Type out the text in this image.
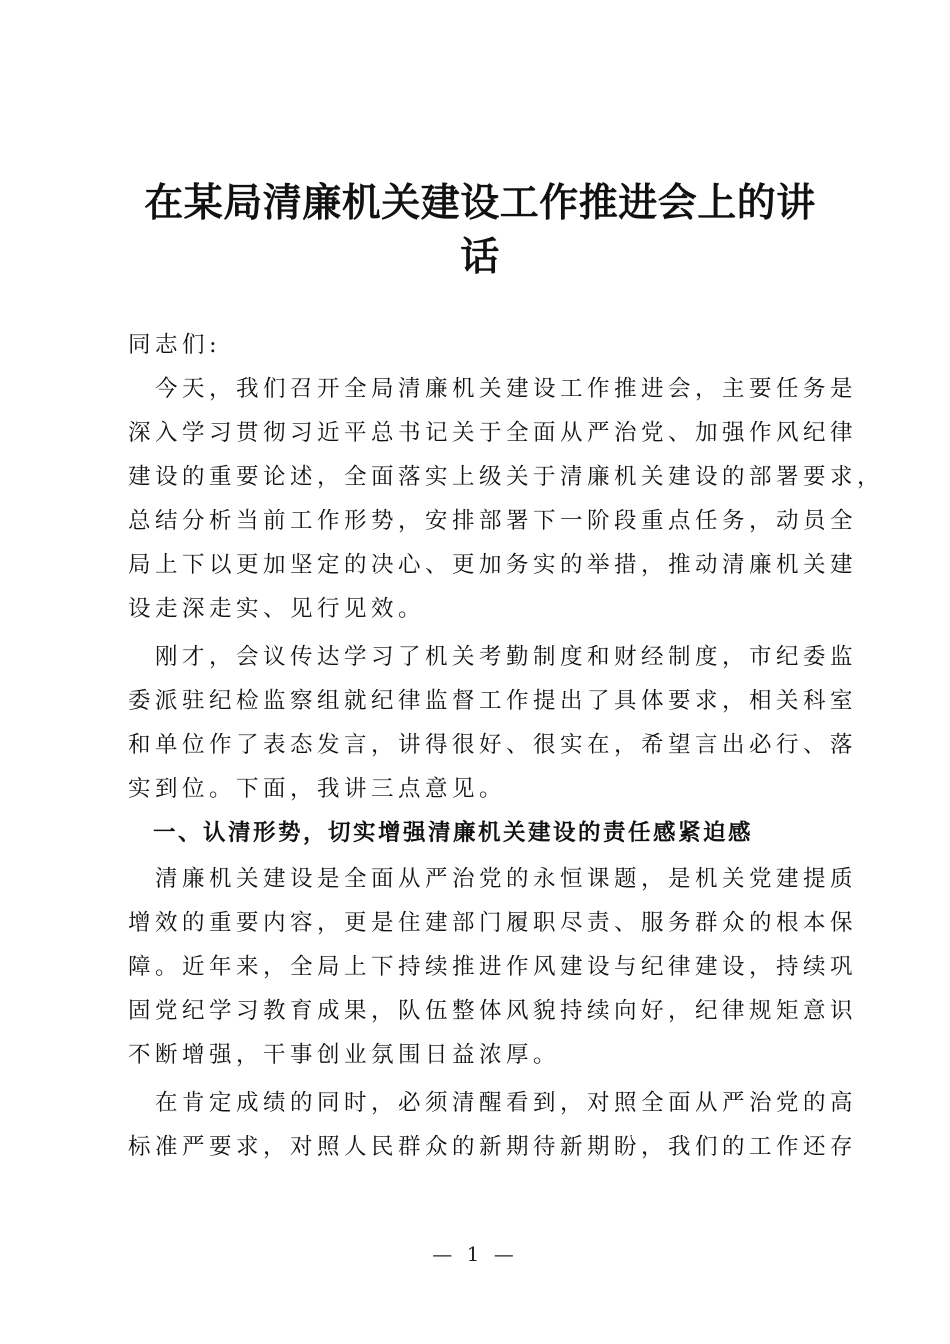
在某局清廉机关建设工作推进会上的讲
话
同志们:
　今天，我们召开全局清廉机关建设工作推进会，主要任务是
深入学习贯彻习近平总书记关于全面从严治党、加强作风纪律
建设的重要论述，全面落实上级关于清廉机关建设的部署要求，
总结分析当前工作形势，安排部署下一阶段重点任务，动员全
局上下以更加坚定的决心、更加务实的举措，推动清廉机关建
设走深走实、见行见效。
　刚才，会议传达学习了机关考勤制度和财经制度，市纪委监
委派驻纪检监察组就纪律监督工作提出了具体要求，相关科室
和单位作了表态发言，讲得很好、很实在，希望言出必行、落
实到位。下面，我讲三点意见。
　一、认清形势，切实增强清廉机关建设的责任感紧迫感
　清廉机关建设是全面从严治党的永恒课题，是机关党建提质
增效的重要内容，更是住建部门履职尽责、服务群众的根本保
障。近年来，全局上下持续推进作风建设与纪律建设，持续巩
固党纪学习教育成果，队伍整体风貌持续向好，纪律规矩意识
不断增强，干事创业氛围日益浓厚。
　在肯定成绩的同时，必须清醒看到，对照全面从严治党的高
标准严要求，对照人民群众的新期待新期盼，我们的工作还存
— 1 —
